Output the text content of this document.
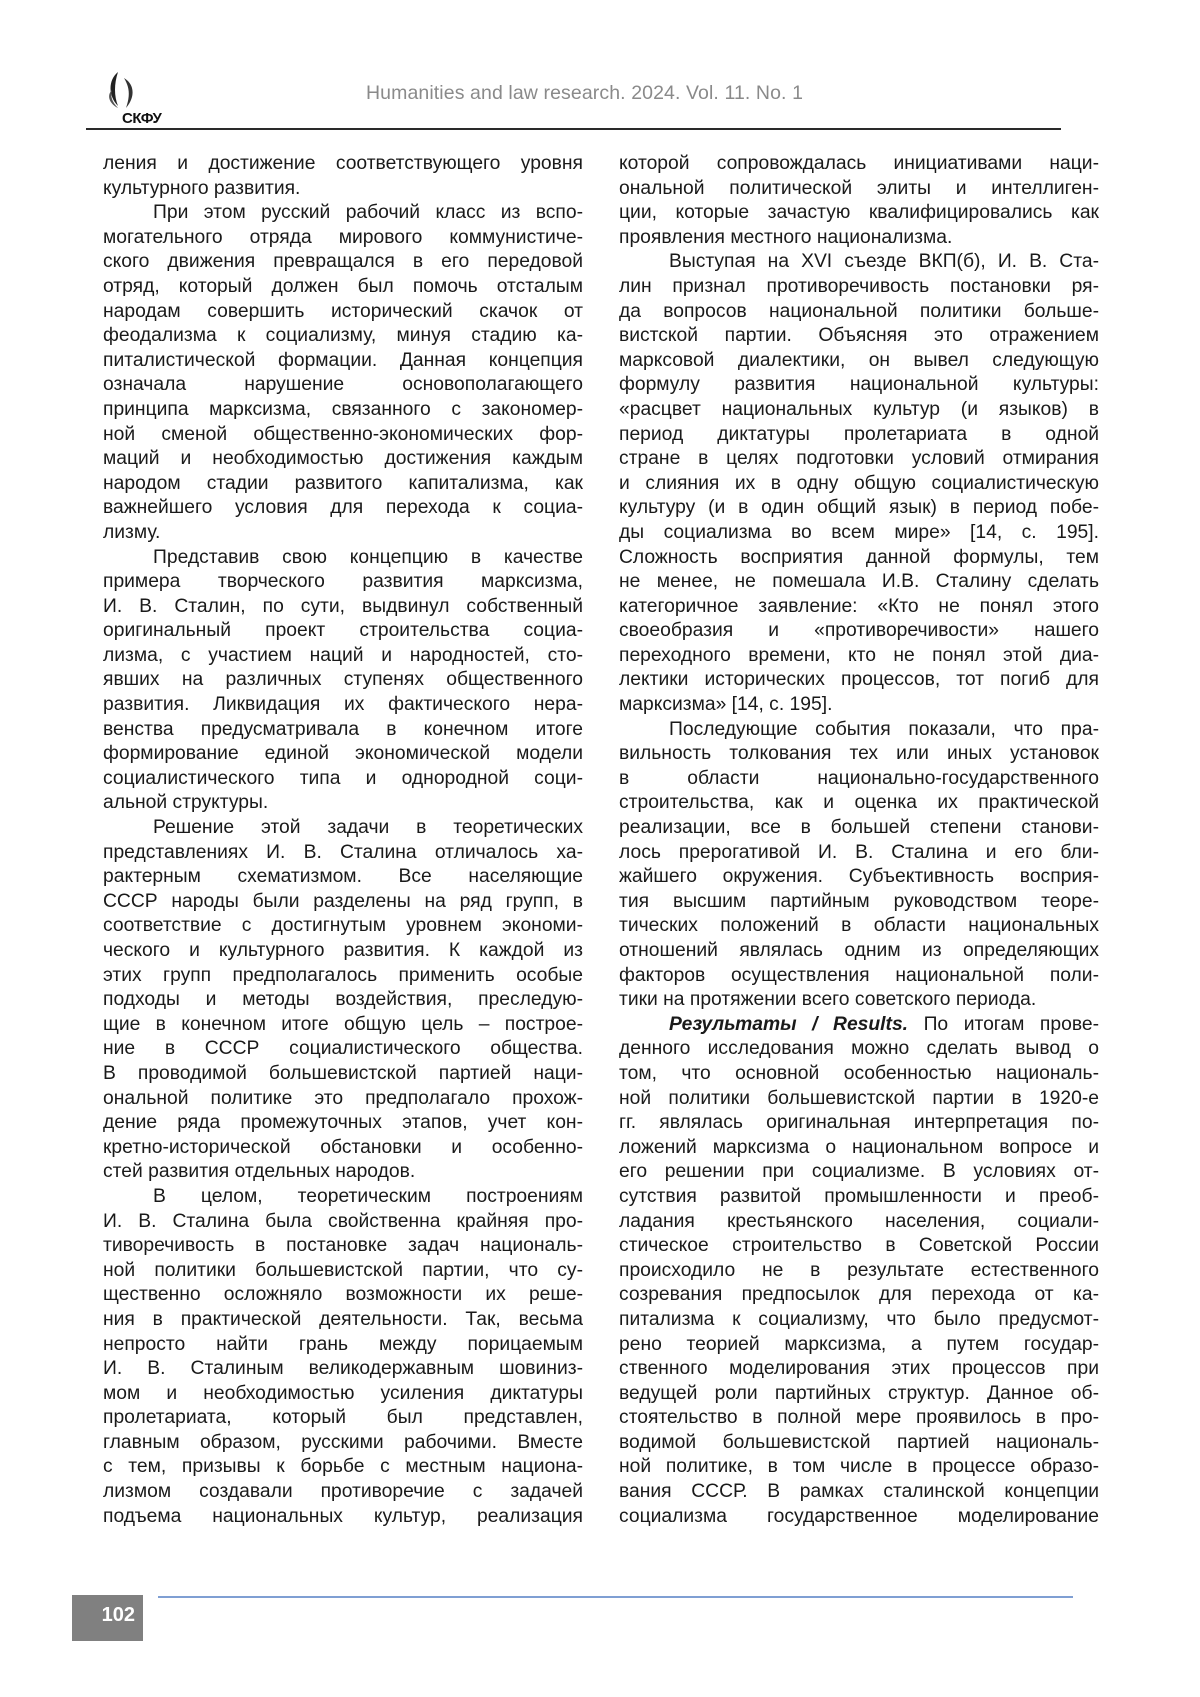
СКФУ
Humanities and law research. 2024. Vol. 11. No. 1
ления и достижение соответствующего уровня
культурного развития.
При этом русский рабочий класс из вспо-
могательного отряда мирового коммунистиче-
ского движения превращался в его передовой
отряд, который должен был помочь отсталым
народам совершить исторический скачок от
феодализма к социализму, минуя стадию ка-
питалистической формации. Данная концепция
означала нарушение основополагающего
принципа марксизма, связанного с закономер-
ной сменой общественно-экономических фор-
маций и необходимостью достижения каждым
народом стадии развитого капитализма, как
важнейшего условия для перехода к социа-
лизму.
Представив свою концепцию в качестве
примера творческого развития марксизма,
И. В. Сталин, по сути, выдвинул собственный
оригинальный проект строительства социа-
лизма, с участием наций и народностей, сто-
явших на различных ступенях общественного
развития. Ликвидация их фактического нера-
венства предусматривала в конечном итоге
формирование единой экономической модели
социалистического типа и однородной соци-
альной структуры.
Решение этой задачи в теоретических
представлениях И. В. Сталина отличалось ха-
рактерным схематизмом. Все населяющие
СССР народы были разделены на ряд групп, в
соответствие с достигнутым уровнем экономи-
ческого и культурного развития. К каждой из
этих групп предполагалось применить особые
подходы и методы воздействия, преследую-
щие в конечном итоге общую цель – построе-
ние в СССР социалистического общества.
В проводимой большевистской партией наци-
ональной политике это предполагало прохож-
дение ряда промежуточных этапов, учет кон-
кретно-исторической обстановки и особенно-
стей развития отдельных народов.
В целом, теоретическим построениям
И. В. Сталина была свойственна крайняя про-
тиворечивость в постановке задач националь-
ной политики большевистской партии, что су-
щественно осложняло возможности их реше-
ния в практической деятельности. Так, весьма
непросто найти грань между порицаемым
И. В. Сталиным великодержавным шовиниз-
мом и необходимостью усиления диктатуры
пролетариата, который был представлен,
главным образом, русскими рабочими. Вместе
с тем, призывы к борьбе с местным национа-
лизмом создавали противоречие с задачей
подъема национальных культур, реализация
которой сопровождалась инициативами наци-
ональной политической элиты и интеллиген-
ции, которые зачастую квалифицировались как
проявления местного национализма.
Выступая на XVI съезде ВКП(б), И. В. Ста-
лин признал противоречивость постановки ря-
да вопросов национальной политики больше-
вистской партии. Объясняя это отражением
марксовой диалектики, он вывел следующую
формулу развития национальной культуры:
«расцвет национальных культур (и языков) в
период диктатуры пролетариата в одной
стране в целях подготовки условий отмирания
и слияния их в одну общую социалистическую
культуру (и в один общий язык) в период побе-
ды социализма во всем мире» [14, с. 195].
Сложность восприятия данной формулы, тем
не менее, не помешала И.В. Сталину сделать
категоричное заявление: «Кто не понял этого
своеобразия и «противоречивости» нашего
переходного времени, кто не понял этой диа-
лектики исторических процессов, тот погиб для
марксизма» [14, с. 195].
Последующие события показали, что пра-
вильность толкования тех или иных установок
в области национально-государственного
строительства, как и оценка их практической
реализации, все в большей степени станови-
лось прерогативой И. В. Сталина и его бли-
жайшего окружения. Субъективность восприя-
тия высшим партийным руководством теоре-
тических положений в области национальных
отношений являлась одним из определяющих
факторов осуществления национальной поли-
тики на протяжении всего советского периода.
Результаты / Results. По итогам прове-
денного исследования можно сделать вывод о
том, что основной особенностью националь-
ной политики большевистской партии в 1920-е
гг. являлась оригинальная интерпретация по-
ложений марксизма о национальном вопросе и
его решении при социализме. В условиях от-
сутствия развитой промышленности и преоб-
ладания крестьянского населения, социали-
стическое строительство в Советской России
происходило не в результате естественного
созревания предпосылок для перехода от ка-
питализма к социализму, что было предусмот-
рено теорией марксизма, а путем государ-
ственного моделирования этих процессов при
ведущей роли партийных структур. Данное об-
стоятельство в полной мере проявилось в про-
водимой большевистской партией националь-
ной политике, в том числе в процессе образо-
вания СССР. В рамках сталинской концепции
социализма государственное моделирование
102
